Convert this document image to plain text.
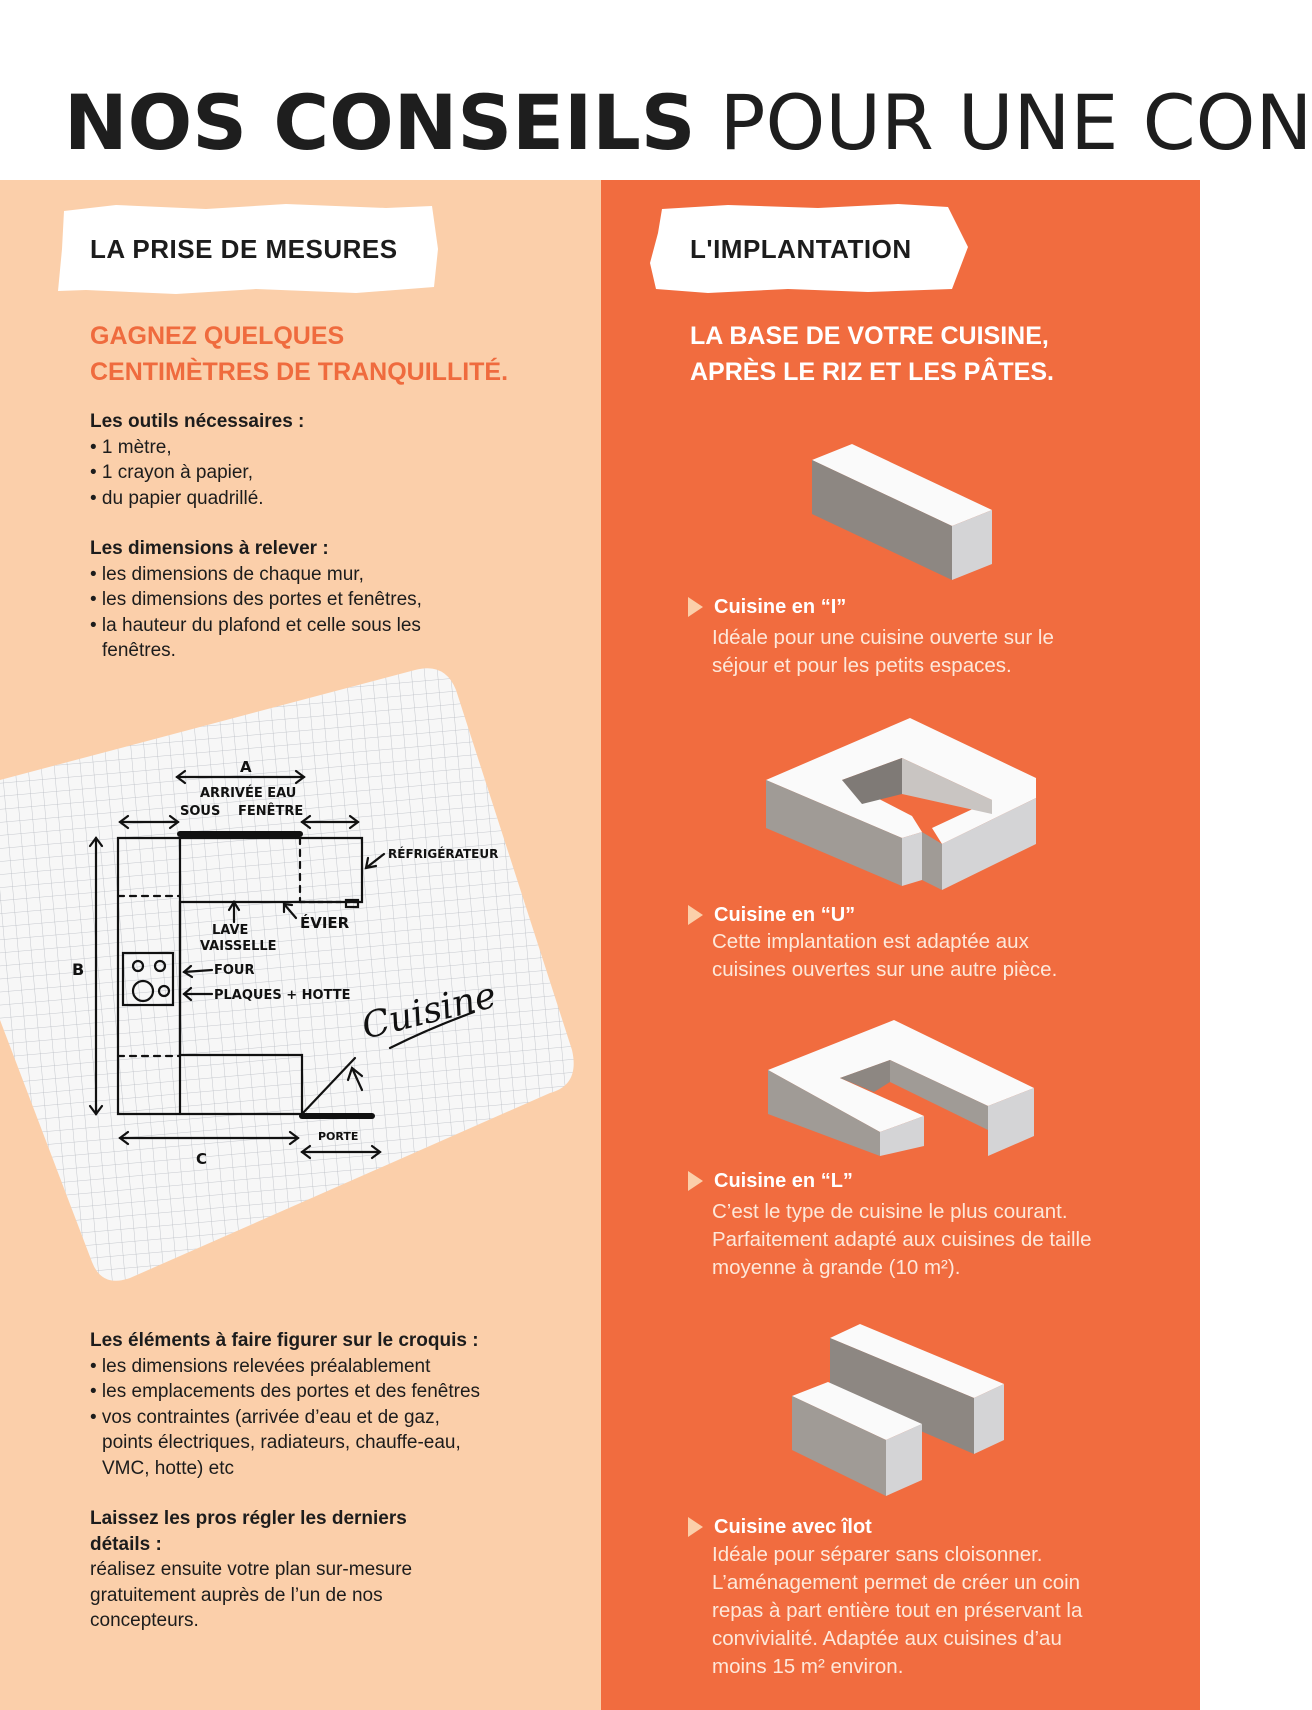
NOS CONSEILS POUR UNE CON
LA PRISE DE MESURES
GAGNEZ QUELQUES
CENTIMÈTRES DE TRANQUILLITÉ.
Les outils nécessaires :
• 1 mètre,
• 1 crayon à papier,
• du papier quadrillé.
Les dimensions à relever :
• les dimensions de chaque mur,
• les dimensions des portes et fenêtres,
• la hauteur du plafond et celle sous les fenêtres.
A
ARRIVÉE EAU
SOUS FENÊTRE
RÉFRIGÉRATEUR
LAVE
VAISSELLE
ÉVIER
FOUR
PLAQUES + HOTTE
B
C
PORTE
Cuisine
Les éléments à faire figurer sur le croquis :
• les dimensions relevées préalablement
• les emplacements des portes et des fenêtres
• vos contraintes (arrivée d’eau et de gaz, points électriques, radiateurs, chauffe-eau, VMC, hotte) etc
Laissez les pros régler les derniers détails :
réalisez ensuite votre plan sur-mesure gratuitement auprès de l’un de nos concepteurs.
L'IMPLANTATION
LA BASE DE VOTRE CUISINE,
APRÈS LE RIZ ET LES PÂTES.
Cuisine en “I”
Idéale pour une cuisine ouverte sur le séjour et pour les petits espaces.
Cuisine en “U”
Cette implantation est adaptée aux cuisines ouvertes sur une autre pièce.
Cuisine en “L”
C’est le type de cuisine le plus courant. Parfaitement adapté aux cuisines de taille moyenne à grande (10 m²).
Cuisine avec îlot
Idéale pour séparer sans cloisonner. L’aménagement permet de créer un coin repas à part entière tout en préservant la convivialité. Adaptée aux cuisines d’au moins 15 m² environ.
